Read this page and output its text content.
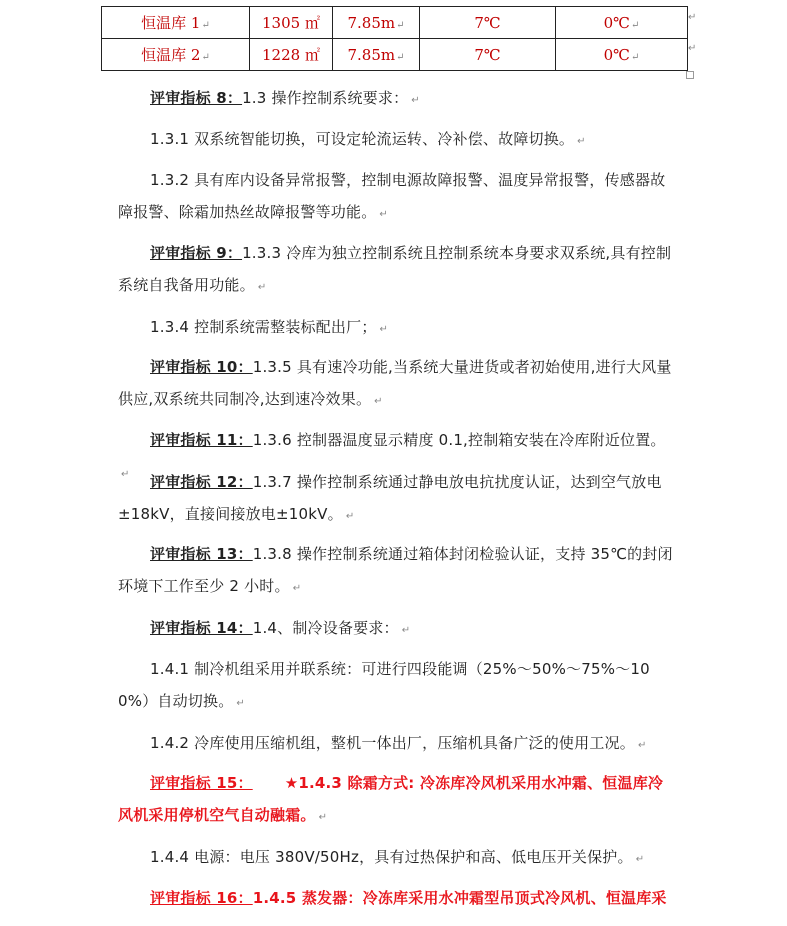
恒温库 1↵	1305 ㎡	7.85m↵	7℃	0℃↵
恒温库 2↵	1228 ㎡	7.85m↵	7℃	0℃↵
↵
↵
评审指标 8：1.3 操作控制系统要求： ↵
1.3.1 双系统智能切换，可设定轮流运转、冷补偿、故障切换。 ↵
1.3.2 具有库内设备异常报警，控制电源故障报警、温度异常报警，传感器故障报警、除霜加热丝故障报警等功能。 ↵
评审指标 9：1.3.3 冷库为独立控制系统且控制系统本身要求双系统,具有控制系统自我备用功能。 ↵
1.3.4 控制系统需整装标配出厂； ↵
评审指标 10：1.3.5 具有速冷功能,当系统大量进货或者初始使用,进行大风量供应,双系统共同制冷,达到速冷效果。 ↵
评审指标 11：1.3.6 控制器温度显示精度 0.1,控制箱安装在冷库附近位置。↵	评审指标 12：1.3.7 操作控制系统通过静电放电抗扰度认证，达到空气放电±18kV，直接间接放电±10kV。 ↵
评审指标 13：1.3.8 操作控制系统通过箱体封闭检验认证，支持 35℃的封闭环境下工作至少 2 小时。 ↵
评审指标 14：1.4、制冷设备要求： ↵
1.4.1 制冷机组采用并联系统：可进行四段能调（25%～50%～75%～100%）自动切换。 ↵
1.4.2 冷库使用压缩机组，整机一体出厂，压缩机具备广泛的使用工况。 ↵
评审指标 15： ★1.4.3 除霜方式: 冷冻库冷风机采用水冲霜、恒温库冷风机采用停机空气自动融霜。 ↵
1.4.4 电源：电压 380V/50Hz，具有过热保护和高、低电压开关保护。 ↵
评审指标 16：1.4.5 蒸发器：冷冻库采用水冲霜型吊顶式冷风机、恒温库采
